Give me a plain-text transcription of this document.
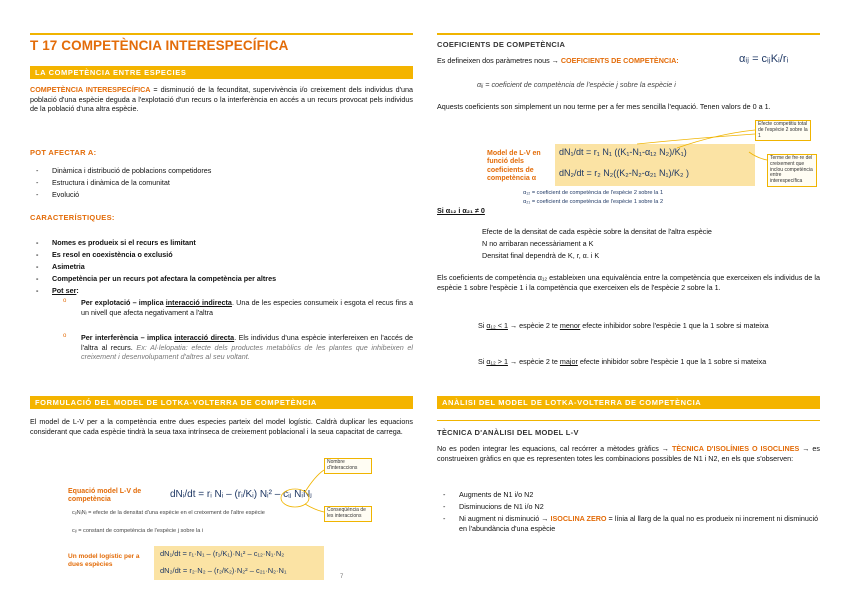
T 17 COMPETÈNCIA INTERESPECÍFICA
LA COMPETÈNCIA ENTRE ESPECIES
COMPETÈNCIA INTERESPECÍFICA = disminució de la fecunditat, supervivència i/o creixement dels individus d'una població d'una espècie deguda a l'explotació d'un recurs o la interferència en accés a un recurs provocat pels individus de la població d'una altra espècie.
POT AFECTAR A:
- Dinàmica i distribució de poblacions competidores
- Estructura i dinàmica de la comunitat
- Evolució
CARACTERÍSTIQUES:
- Nomes es produeix si el recurs es limitant
- Es resol en coexistència o exclusió
- Asimetria
- Competència per un recurs pot afectara la competència per altres
- Pot ser:
o Per explotació – implica interacció indirecta. Una de les especies consumeix i esgota el recus fins a un nivell que afecta negativament a l'altra
o Per interferència – implica interacció directa. Els individus d'una espècie interfereixen en l'accés de l'altra al recurs. Ex: Al·lelopatia: efecte dels productes metabòlics de les plantes que inhibeixen el creixement i desenvolupament d'altres al seu voltant.
FORMULACIÓ DEL MODEL DE LOTKA-VOLTERRA DE COMPETÈNCIA
El model de L-V per a la competència entre dues especies parteix del model logístic. Caldrà duplicar les equacions considerant que cada espècie tindrà la seua taxa intrínseca de creixement poblacional i la seua capacitat de carrega.
Equació model L-V de competència	dNᵢ/dt = rᵢ Nᵢ – (rᵢ/Kᵢ) Nᵢ² – cᵢⱼ NᵢNⱼ
Nombre d'interaccions
Conseqüència de les interaccions
cᵢⱼNᵢNⱼ = efecte de la densitat d'una espècie en el creixement de l'altre espècie
cᵢⱼ = constant de competència de l'espècie j sobre la i
Un model logístic per a dues espècies
dN₁/dt = r₁·N₁ – (r₁/K₁)·N₁² – c₁₂·N₁·N₂
dN₂/dt = r₂·N₂ – (r₂/K₂)·N₂² – c₂₁·N₂·N₁
7
COEFICIENTS DE COMPETÈNCIA
Es defineixen dos paràmetres nous → COEFICIENTS DE COMPETÈNCIA:	αᵢⱼ = cᵢⱼKᵢ/rᵢ
αᵢⱼ = coeficient de competència de l'espècie j sobre la espècie i
Aquests coeficients son simplement un nou terme per a fer mes sencilla l'equació. Tenen valors de 0 a 1.
Model de L-V en funció dels coeficients de competència α
dN₁/dt = r₁ N₁ ((K₁-N₁-α₁₂ N₂)/K₁)
dN₂/dt = r₂ N₂((K₂-N₂-α₂₁ N₁)/K₂ )
Efecte competitiu total de l'espècie 2 sobre la 1
Terme de fre·re del creixement que inclou competència entre interespecífica
α₁₂ = coeficient de competència de l'espècie 2 sobre la 1
α₂₁ = coeficient de competència de l'espècie 1 sobre la 2
Si α₁₂ i α₂₁ ≠ 0
Efecte de la densitat de cada espècie sobre la densitat de l'altra espècie
N no arribaran necessàriament a K
Densitat final dependrà de K, r, α. i K
Els coeficients de competència α₁₂ estableixen una equivalència entre la competència que exerceixen els individus de la espècie 1 sobre l'espècie 1 i la competència que exerceixen els de l'espècie 2 sobre la 1.
Si α₁₂ < 1 → espècie 2 te menor efecte inhibidor sobre l'espècie 1 que la 1 sobre si mateixa
Si α₁₂ > 1 → espècie 2 te major efecte inhibidor sobre l'espècie 1 que la 1 sobre si mateixa
ANÀLISI DEL MODEL DE LOTKA-VOLTERRA DE COMPETÈNCIA
TÈCNICA D'ANÀLISI DEL MODEL L-V
No es poden integrar les equacions, cal recórrer a mètodes gràfics → TÈCNICA D'ISOLÍNIES O ISOCLINES → es construeixen gràfics en que es representen totes les combinacions possibles de N1 i N2, en els que s'observen:
- Augments de N1 i/o N2
- Disminucions de N1 i/o N2
- Ni augment ni disminució → ISOCLINA ZERO = línia al llarg de la qual no es produeix ni increment ni disminució en l'abundància d'una espècie
